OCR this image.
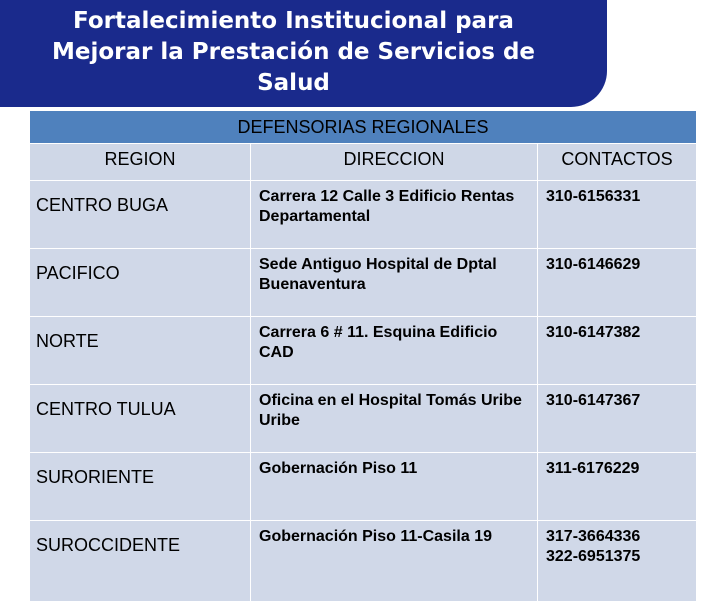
Fortalecimiento Institucional para
Mejorar la Prestación de Servicios de
Salud
DEFENSORIAS REGIONALES		
REGION	DIRECCION	CONTACTOS
CENTRO BUGA	Carrera 12 Calle 3 Edificio Rentas Departamental	310-6156331

PACIFICO	Sede Antiguo Hospital de Dptal Buenaventura	310-6146629

NORTE	Carrera 6 # 11. Esquina Edificio CAD	310-6147382

CENTRO TULUA	Oficina en el Hospital Tomás Uribe Uribe	310-6147367

SURORIENTE	Gobernación Piso 11	311-6176229

SUROCCIDENTE	Gobernación Piso 11-Casila 19	317-3664336
322-6951375
